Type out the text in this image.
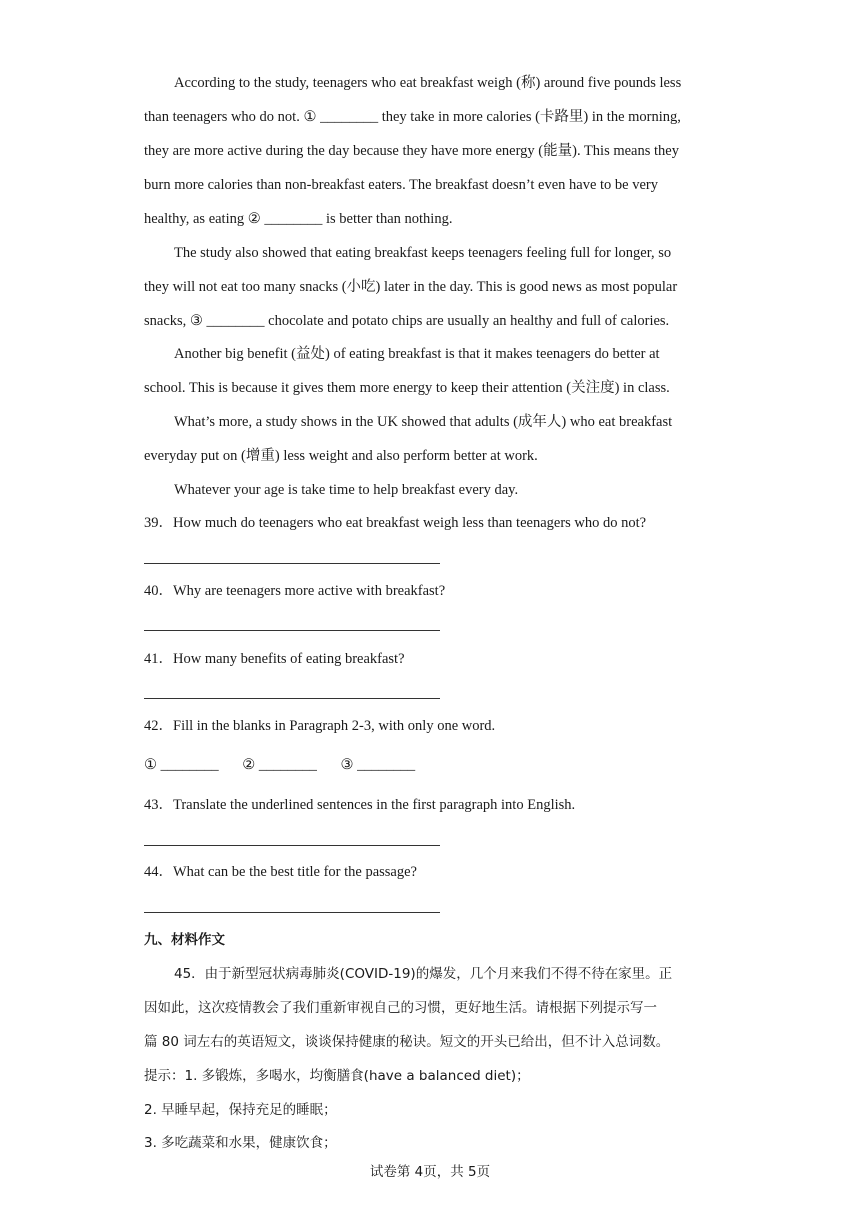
According to the study, teenagers who eat breakfast weigh (称) around five pounds less
than teenagers who do not. ① ________ they take in more calories (卡路里) in the morning,
they are more active during the day because they have more energy (能量). This means they
burn more calories than non-breakfast eaters. The breakfast doesn’t even have to be very
healthy, as eating ② ________ is better than nothing.
The study also showed that eating breakfast keeps teenagers feeling full for longer, so
they will not eat too many snacks (小吃) later in the day. This is good news as most popular
snacks, ③ ________ chocolate and potato chips are usually an healthy and full of calories.
Another big benefit (益处) of eating breakfast is that it makes teenagers do better at
school. This is because it gives them more energy to keep their attention (关注度) in class.
What’s more, a study shows in the UK showed that adults (成年人) who eat breakfast
everyday put on (增重) less weight and also perform better at work.
Whatever your age is take time to help breakfast every day.
39．How much do teenagers who eat breakfast weigh less than teenagers who do not?
40．Why are teenagers more active with breakfast?
41．How many benefits of eating breakfast?
42．Fill in the blanks in Paragraph 2-3, with only one word.
① ________ ② ________ ③ ________
43．Translate the underlined sentences in the first paragraph into English.
44．What can be the best title for the passage?
九、材料作文
45．由于新型冠状病毒肺炎(COVID-19)的爆发，几个月来我们不得不待在家里。正
因如此，这次疫情教会了我们重新审视自己的习惯，更好地生活。请根据下列提示写一
篇 80 词左右的英语短文，谈谈保持健康的秘诀。短文的开头已给出，但不计入总词数。
提示：1. 多锻炼，多喝水，均衡膳食(have a balanced diet)；
2. 早睡早起，保持充足的睡眠；
3. 多吃蔬菜和水果，健康饮食；
试卷第 4页，共 5页
